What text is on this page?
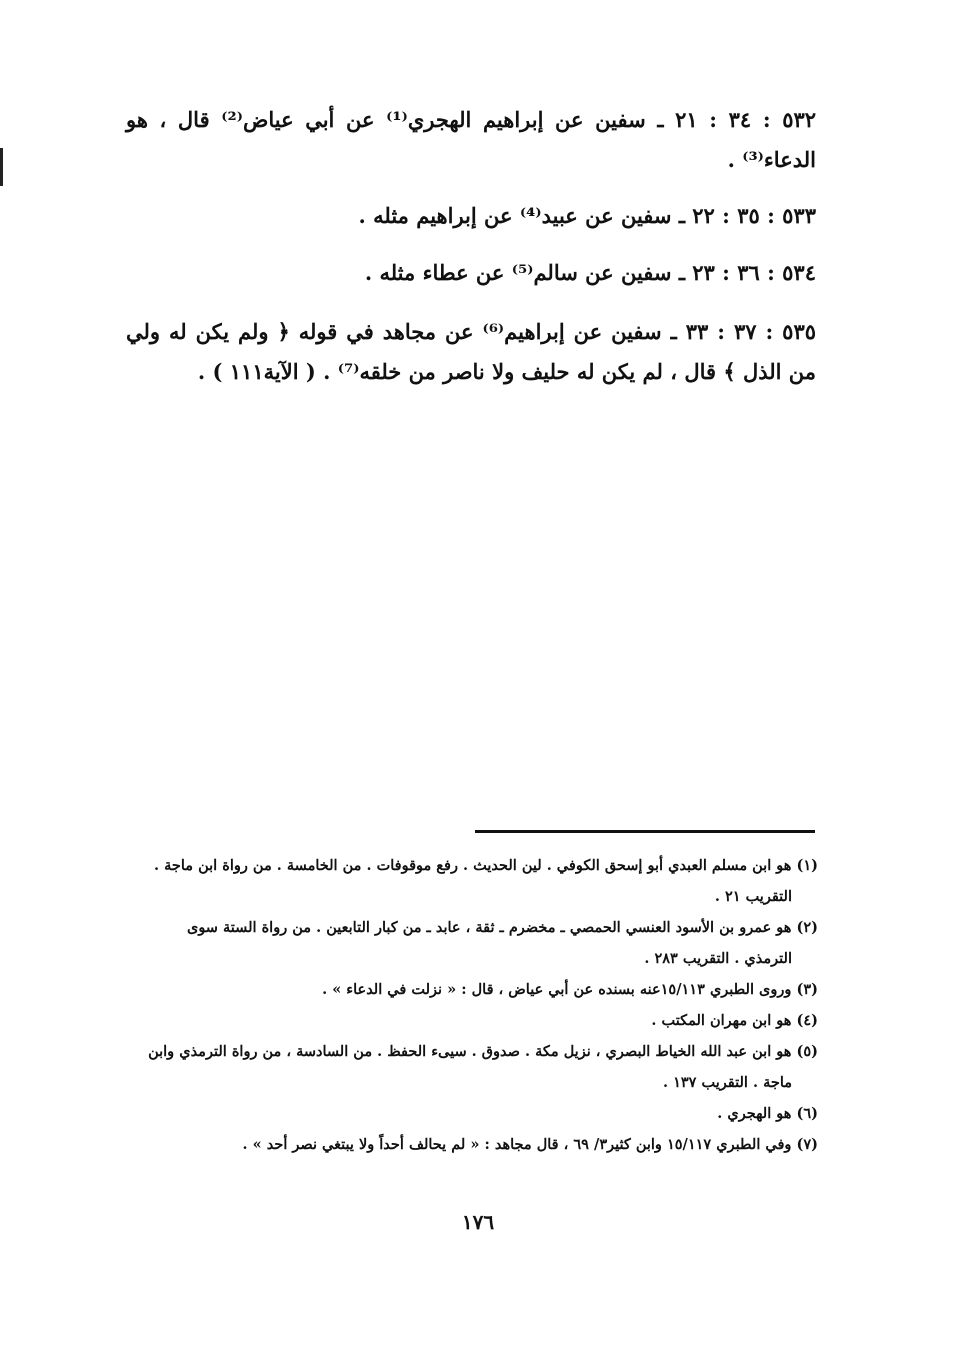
٥٣٢ : ٣٤ : ٢١ ـ سفين عن إبراهيم الهجري⁽¹⁾ عن أبي عياض⁽²⁾ قال ، هو الدعاء⁽³⁾ .
٥٣٣ : ٣٥ : ٢٢ ـ سفين عن عبيد⁽⁴⁾ عن إبراهيم مثله .
٥٣٤ : ٣٦ : ٢٣ ـ سفين عن سالم⁽⁵⁾ عن عطاء مثله .
٥٣٥ : ٣٧ : ٣٣ ـ سفين عن إبراهيم⁽⁶⁾ عن مجاهد في قوله ﴿ ولم يكن له ولي من الذل ﴾ قال ، لم يكن له حليف ولا ناصر من خلقه⁽⁷⁾ . ( الآية١١١ ) .
(١) هو ابن مسلم العبدي أبو إسحق الكوفي . لين الحديث . رفع موقوفات . من الخامسة . من رواة ابن ماجة .
التقريب ٢١ .
(٢) هو عمرو بن الأسود العنسي الحمصي ـ مخضرم ـ ثقة ، عابد ـ من كبار التابعين . من رواة الستة سوى
الترمذي . التقريب ٢٨٣ .
(٣) وروى الطبري ١٥/١١٣عنه بسنده عن أبي عياض ، قال : « نزلت في الدعاء » .
(٤) هو ابن مهران المكتب .
(٥) هو ابن عبد الله الخياط البصري ، نزيل مكة . صدوق . سيىء الحفظ . من السادسة ، من رواة الترمذي وابن
ماجة . التقريب ١٣٧ .
(٦) هو الهجري .
(٧) وفي الطبري ١٥/١١٧ وابن كثير٣/ ٦٩ ، قال مجاهد : « لم يحالف أحداً ولا يبتغي نصر أحد » .
١٧٦
